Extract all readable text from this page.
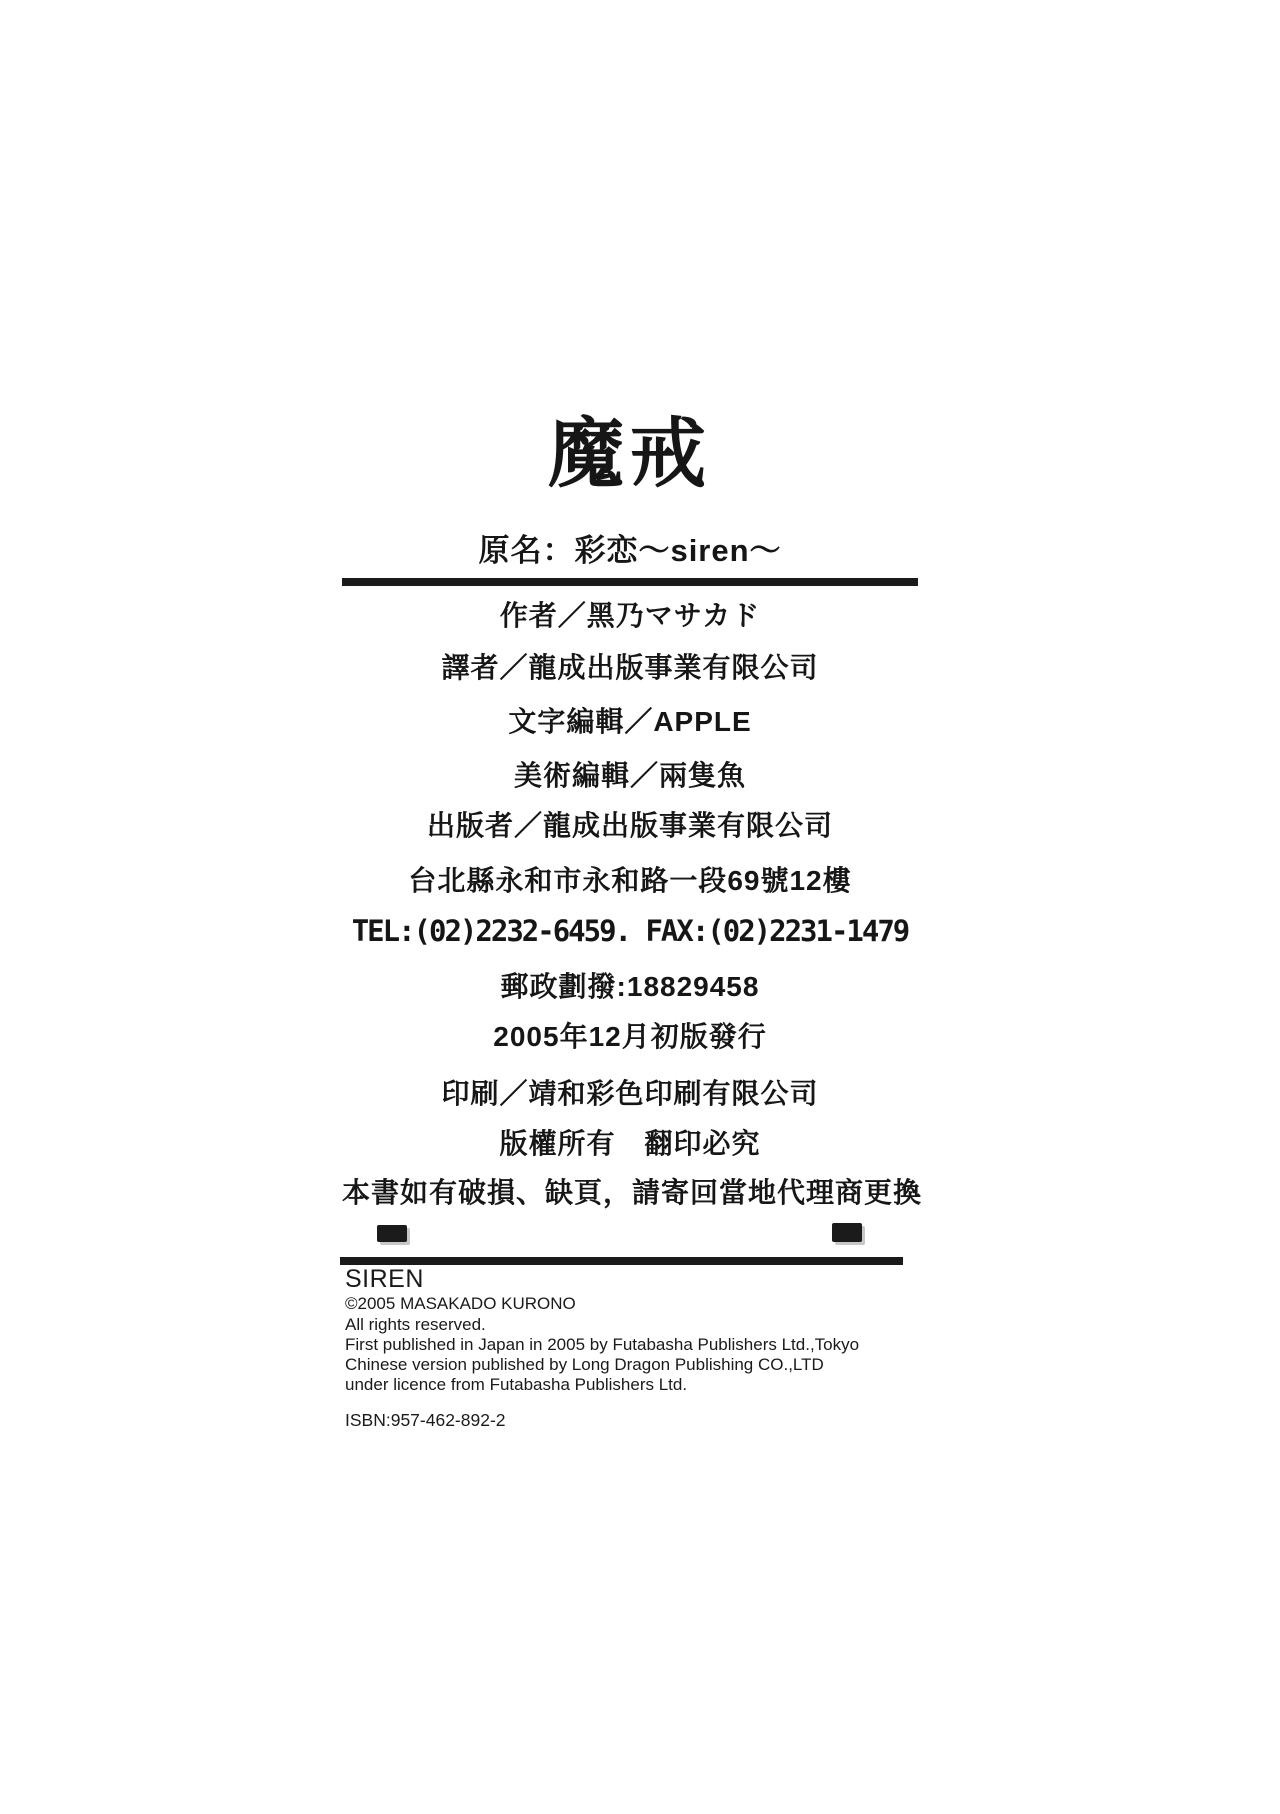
魔戒
原名：彩恋～siren～
作者／黑乃マサカド
譯者／龍成出版事業有限公司
文字編輯／APPLE
美術編輯／兩隻魚
出版者／龍成出版事業有限公司
台北縣永和市永和路一段69號12樓
TEL:(02)2232-6459. FAX:(02)2231-1479
郵政劃撥:18829458
2005年12月初版發行
印刷／靖和彩色印刷有限公司
版權所有　翻印必究
本書如有破損、缺頁，請寄回當地代理商更換
SIREN
©2005 MASAKADO KURONO
All rights reserved.
First published in Japan in 2005 by Futabasha Publishers Ltd.,Tokyo
Chinese version published by Long Dragon Publishing CO.,LTD
under licence from Futabasha Publishers Ltd.
ISBN:957-462-892-2
